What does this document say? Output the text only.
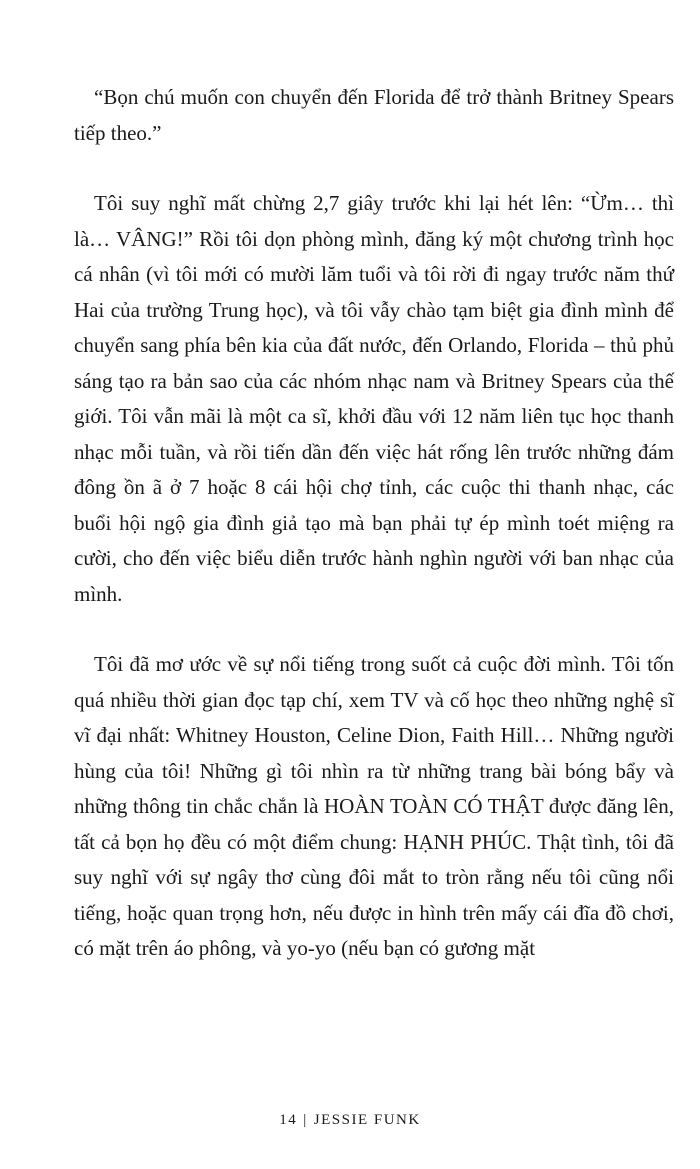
“Bọn chú muốn con chuyển đến Florida để trở thành Britney Spears tiếp theo.”

Tôi suy nghĩ mất chừng 2,7 giây trước khi lại hét lên: “Ừm… thì là… VÂNG!” Rồi tôi dọn phòng mình, đăng ký một chương trình học cá nhân (vì tôi mới có mười lăm tuổi và tôi rời đi ngay trước năm thứ Hai của trường Trung học), và tôi vẫy chào tạm biệt gia đình mình để chuyển sang phía bên kia của đất nước, đến Orlando, Florida – thủ phủ sáng tạo ra bản sao của các nhóm nhạc nam và Britney Spears của thế giới. Tôi vẫn mãi là một ca sĩ, khởi đầu với 12 năm liên tục học thanh nhạc mỗi tuần, và rồi tiến dần đến việc hát rống lên trước những đám đông ồn ã ở 7 hoặc 8 cái hội chợ tỉnh, các cuộc thi thanh nhạc, các buổi hội ngộ gia đình giả tạo mà bạn phải tự ép mình toét miệng ra cười, cho đến việc biểu diễn trước hành nghìn người với ban nhạc của mình.

Tôi đã mơ ước về sự nổi tiếng trong suốt cả cuộc đời mình. Tôi tốn quá nhiều thời gian đọc tạp chí, xem TV và cố học theo những nghệ sĩ vĩ đại nhất: Whitney Houston, Celine Dion, Faith Hill… Những người hùng của tôi! Những gì tôi nhìn ra từ những trang bài bóng bẩy và những thông tin chắc chắn là HOÀN TOÀN CÓ THẬT được đăng lên, tất cả bọn họ đều có một điểm chung: HẠNH PHÚC. Thật tình, tôi đã suy nghĩ với sự ngây thơ cùng đôi mắt to tròn rằng nếu tôi cũng nổi tiếng, hoặc quan trọng hơn, nếu được in hình trên mấy cái đĩa đồ chơi, có mặt trên áo phông, và yo-yo (nếu bạn có gương mặt

14 | JESSIE FUNK
